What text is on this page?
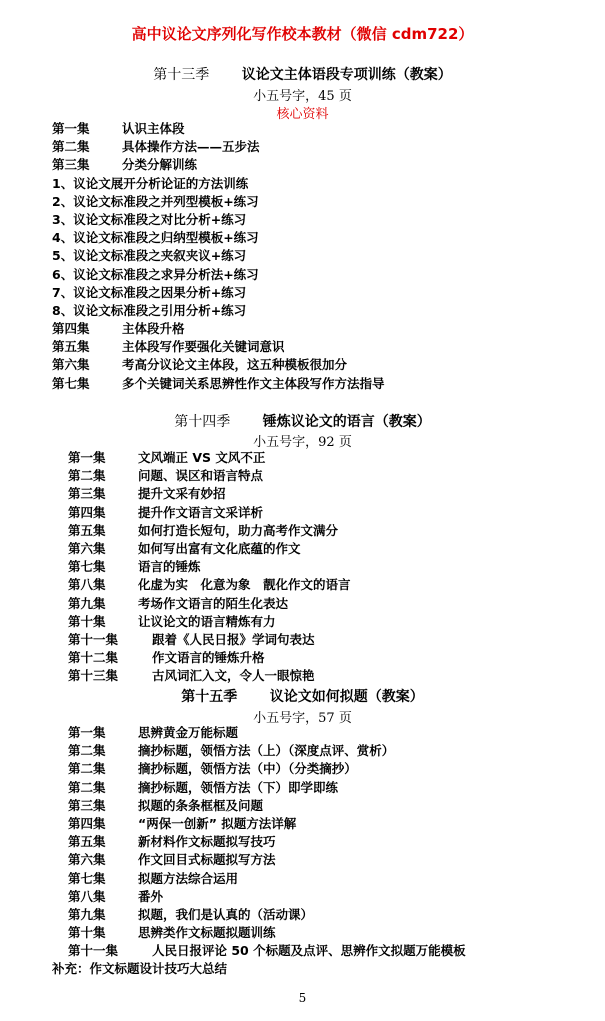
高中议论文序列化写作校本教材（微信 cdm722）
第十三季 议论文主体语段专项训练（教案）
小五号字，45 页
核心资料
第一集	认识主体段
第二集	具体操作方法——五步法
第三集	分类分解训练
1、议论文展开分析论证的方法训练
2、议论文标准段之并列型模板+练习
3、议论文标准段之对比分析+练习
4、议论文标准段之归纳型模板+练习
5、议论文标准段之夹叙夹议+练习
6、议论文标准段之求异分析法+练习
7、议论文标准段之因果分析+练习
8、议论文标准段之引用分析+练习
第四集	主体段升格
第五集	主体段写作要强化关键词意识
第六集	考高分议论文主体段，这五种模板很加分
第七集	多个关键词关系思辨性作文主体段写作方法指导
第十四季 锤炼议论文的语言（教案）
小五号字，92 页
第一集	文风端正 VS 文风不正
第二集	问题、误区和语言特点
第三集	提升文采有妙招
第四集	提升作文语言文采详析
第五集	如何打造长短句，助力高考作文满分
第六集	如何写出富有文化底蕴的作文
第七集	语言的锤炼
第八集	化虚为实　化意为象　靓化作文的语言
第九集	考场作文语言的陌生化表达
第十集	让议论文的语言精炼有力
第十一集	跟着《人民日报》学词句表达
第十二集	作文语言的锤炼升格
第十三集	古风词汇入文，令人一眼惊艳
第十五季 议论文如何拟题（教案）
小五号字，57 页
第一集	思辨黄金万能标题
第二集	摘抄标题，领悟方法（上）（深度点评、赏析）
第二集	摘抄标题，领悟方法（中）（分类摘抄）
第二集	摘抄标题，领悟方法（下）即学即练
第三集	拟题的条条框框及问题
第四集	“两保一创新” 拟题方法详解
第五集	新材料作文标题拟写技巧
第六集	作文回目式标题拟写方法
第七集	拟题方法综合运用
第八集	番外
第九集	拟题，我们是认真的（活动课）
第十集	思辨类作文标题拟题训练
第十一集	人民日报评论 50 个标题及点评、思辨作文拟题万能模板
补充：作文标题设计技巧大总结
5
